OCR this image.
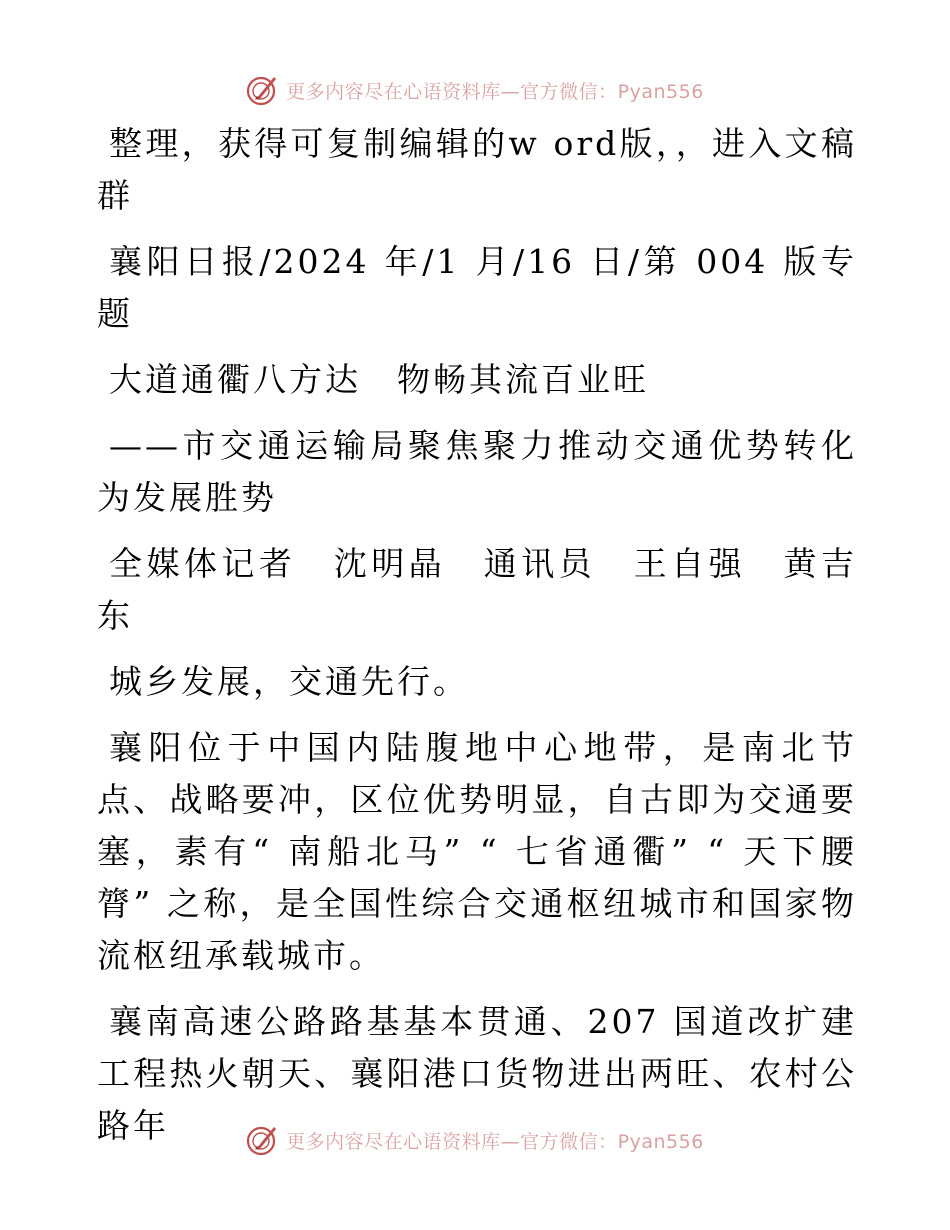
更多内容尽在心语资料库—官方微信：Pyan556

整理，获得可复制编辑的w ord版，，进入文稿群

襄阳日报/2024 年/1 月/16 日/第 004 版专题

大道通衢八方达　物畅其流百业旺

——市交通运输局聚焦聚力推动交通优势转化为发展胜势

全媒体记者　沈明晶　通讯员　王自强　黄吉东

城乡发展，交通先行。

襄阳位于中国内陆腹地中心地带，是南北节点、战略要冲，区位优势明显，自古即为交通要塞，素有“ 南船北马” “ 七省通衢” “ 天下腰膂” 之称，是全国性综合交通枢纽城市和国家物流枢纽承载城市。

襄南高速公路路基基本贯通、207 国道改扩建工程热火朝天、襄阳港口货物进出两旺、农村公路年	更多内容尽在心语资料库—官方微信：Pyan556
